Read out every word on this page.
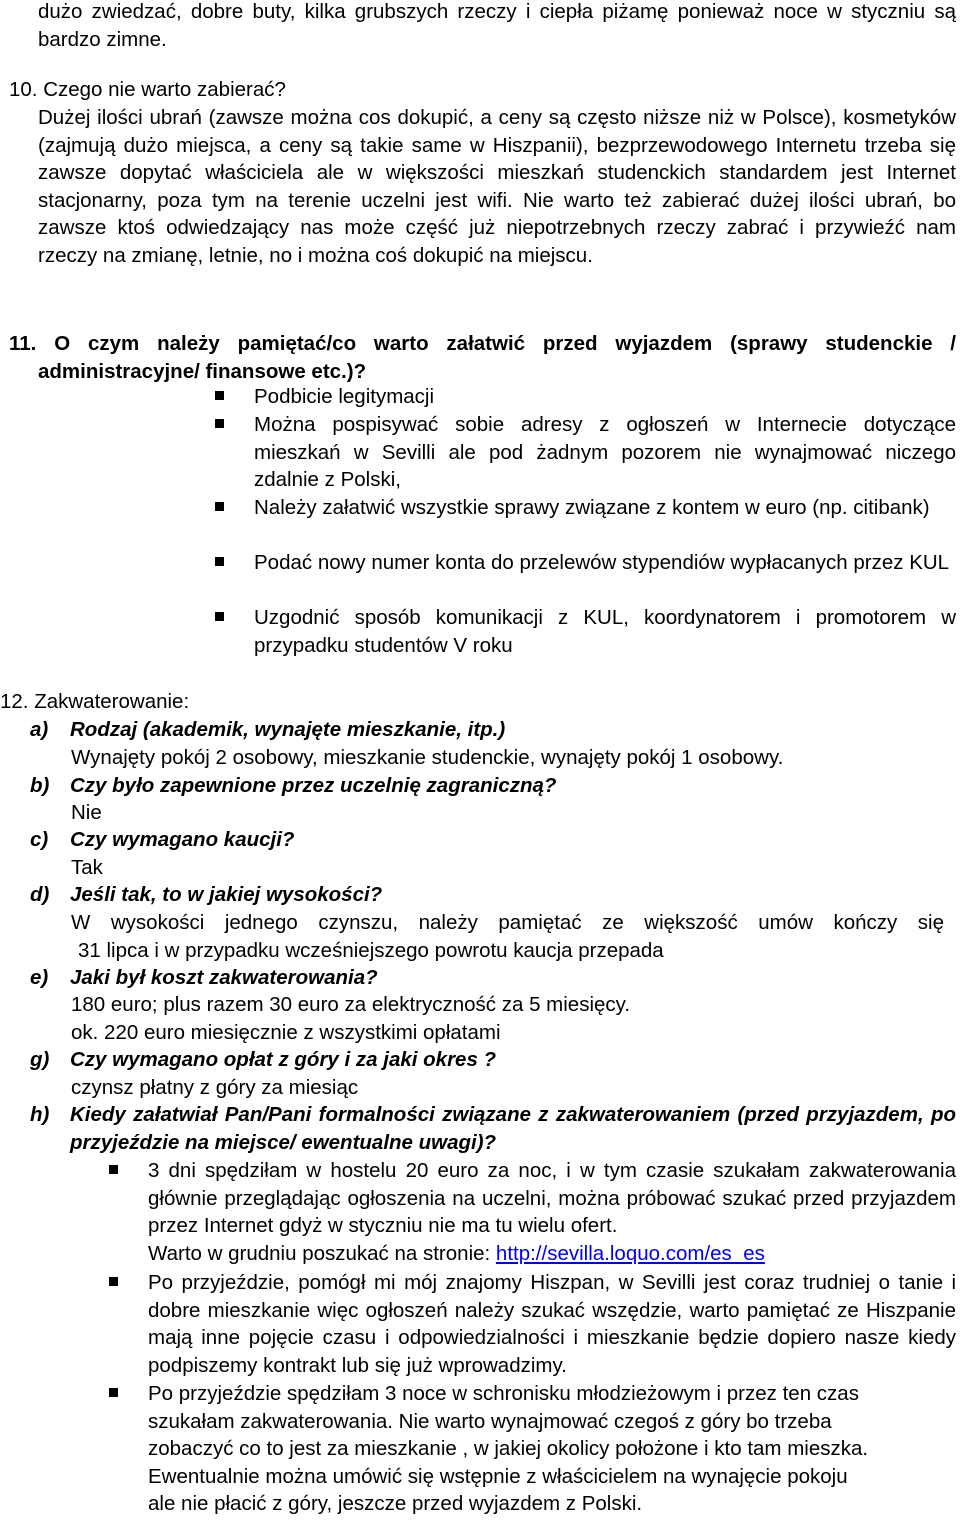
dużo zwiedzać, dobre buty, kilka grubszych rzeczy i ciepła piżamę ponieważ noce w styczniu są bardzo zimne.
10. Czego nie warto zabierać?
Dużej ilości ubrań (zawsze można cos dokupić, a ceny są często niższe niż w Polsce), kosmetyków (zajmują dużo miejsca, a ceny są takie same w Hiszpanii), bezprzewodowego Internetu trzeba się zawsze dopytać właściciela ale w większości mieszkań studenckich standardem jest Internet stacjonarny, poza tym na terenie uczelni jest wifi. Nie warto też zabierać dużej ilości ubrań, bo zawsze ktoś odwiedzający nas może część już niepotrzebnych rzeczy zabrać i przywieźć nam rzeczy na zmianę, letnie, no i można coś dokupić na miejscu.
11. O czym należy pamiętać/co warto załatwić przed wyjazdem (sprawy studenckie / administracyjne/ finansowe etc.)?
Podbicie legitymacji
Można pospisywać sobie adresy z ogłoszeń w Internecie dotyczące mieszkań w Sevilli ale pod żadnym pozorem nie wynajmować niczego zdalnie z Polski,
Należy załatwić wszystkie sprawy związane z kontem w euro (np. citibank)
Podać nowy numer konta do przelewów stypendiów wypłacanych przez KUL
Uzgodnić sposób komunikacji z KUL, koordynatorem i promotorem w przypadku studentów V roku
12. Zakwaterowanie:
a) Rodzaj (akademik, wynajęte mieszkanie, itp.)
Wynajęty pokój 2 osobowy, mieszkanie studenckie, wynajęty pokój 1 osobowy.
b) Czy było zapewnione przez uczelnię zagraniczną?
Nie
c) Czy wymagano kaucji?
Tak
d) Jeśli tak, to w jakiej wysokości?
W wysokości jednego czynszu, należy pamiętać ze większość umów kończy się
31 lipca i w przypadku wcześniejszego powrotu kaucja przepada
e) Jaki był koszt zakwaterowania?
180 euro; plus razem 30 euro za elektryczność za 5 miesięcy.
ok. 220 euro miesięcznie z wszystkimi opłatami
g) Czy wymagano opłat z góry i za jaki okres ?
czynsz płatny z góry za miesiąc
h) Kiedy załatwiał Pan/Pani formalności związane z zakwaterowaniem (przed przyjazdem, po przyjeździe na miejsce/ ewentualne uwagi)?
3 dni spędziłam w hostelu 20 euro za noc, i w tym czasie szukałam zakwaterowania głównie przeglądając ogłoszenia na uczelni, można próbować szukać przed przyjazdem przez Internet gdyż w styczniu nie ma tu wielu ofert.
Warto w grudniu poszukać na stronie: http://sevilla.loquo.com/es_es
Po przyjeździe, pomógł mi mój znajomy Hiszpan, w Sevilli jest coraz trudniej o tanie i dobre mieszkanie więc ogłoszeń należy szukać wszędzie, warto pamiętać ze Hiszpanie mają inne pojęcie czasu i odpowiedzialności i mieszkanie będzie dopiero nasze kiedy podpiszemy kontrakt lub się już wprowadzimy.
Po przyjeździe spędziłam 3 noce w schronisku młodzieżowym i przez ten czas
szukałam zakwaterowania. Nie warto wynajmować czegoś z góry bo trzeba
zobaczyć co to jest za mieszkanie , w jakiej okolicy położone i kto tam mieszka.
Ewentualnie można umówić się wstępnie z właścicielem na wynajęcie pokoju
ale nie płacić z góry, jeszcze przed wyjazdem z Polski.
